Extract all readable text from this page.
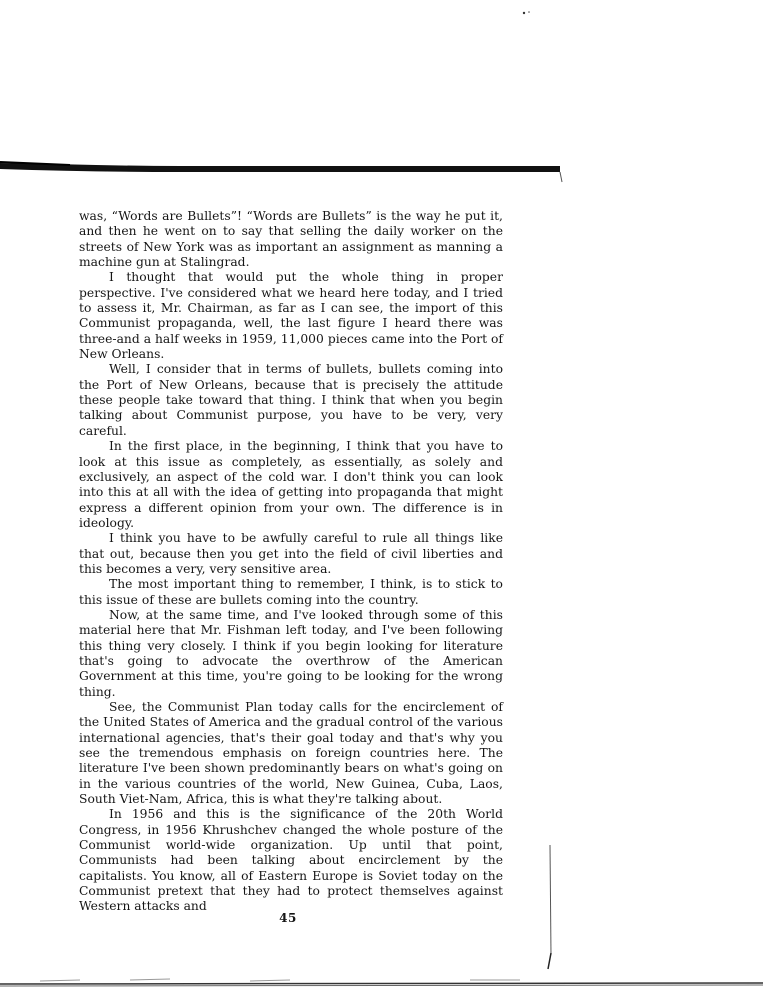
was, “Words are Bullets”! “Words are Bullets” is the way he put it, and then he went on to say that selling the daily worker on the streets of New York was as important an assignment as manning a machine gun at Stalingrad.

I thought that would put the whole thing in proper perspective. I've considered what we heard here today, and I tried to assess it, Mr. Chairman, as far as I can see, the import of this Communist propaganda, well, the last figure I heard there was three-and a half weeks in 1959, 11,000 pieces came into the Port of New Orleans.

Well, I consider that in terms of bullets, bullets coming into the Port of New Orleans, because that is precisely the attitude these people take toward that thing. I think that when you begin talking about Communist purpose, you have to be very, very careful.

In the first place, in the beginning, I think that you have to look at this issue as completely, as essentially, as solely and exclusively, an aspect of the cold war. I don't think you can look into this at all with the idea of getting into propaganda that might express a different opinion from your own. The difference is in ideology.

I think you have to be awfully careful to rule all things like that out, because then you get into the field of civil liberties and this becomes a very, very sensitive area.

The most important thing to remember, I think, is to stick to this issue of these are bullets coming into the country.

Now, at the same time, and I've looked through some of this material here that Mr. Fishman left today, and I've been following this thing very closely. I think if you begin looking for literature that's going to advocate the overthrow of the American Government at this time, you're going to be looking for the wrong thing.

See, the Communist Plan today calls for the encirclement of the United States of America and the gradual control of the various international agencies, that's their goal today and that's why you see the tremendous emphasis on foreign countries here. The literature I've been shown predominantly bears on what's going on in the various countries of the world, New Guinea, Cuba, Laos, South Viet-Nam, Africa, this is what they're talking about.

In 1956 and this is the significance of the 20th World Congress, in 1956 Khrushchev changed the whole posture of the Communist world-wide organization. Up until that point, Communists had been talking about encirclement by the capitalists. You know, all of Eastern Europe is Soviet today on the Communist pretext that they had to protect themselves against Western attacks and

45
